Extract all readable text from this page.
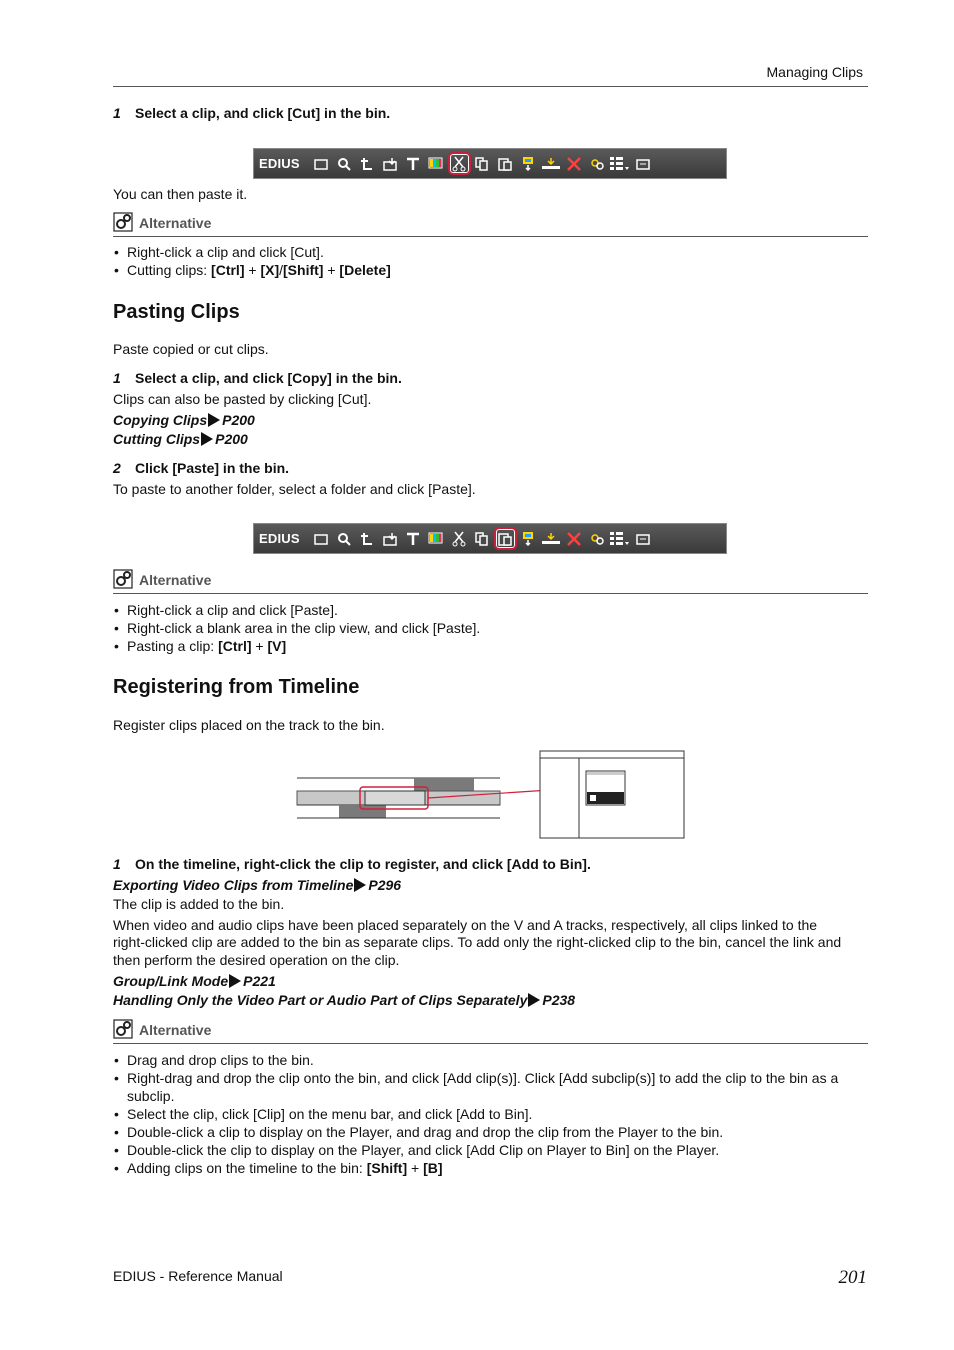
Managing Clips
1 Select a clip, and click [Cut] in the bin.
EDIUS
You can then paste it.
Alternative
• Right-click a clip and click [Cut].
• Cutting clips: [Ctrl] + [X]/[Shift] + [Delete]
Pasting Clips
Paste copied or cut clips.
1 Select a clip, and click [Copy] in the bin.
Clips can also be pasted by clicking [Cut].
Copying Clips P200
Cutting Clips P200
2 Click [Paste] in the bin.
To paste to another folder, select a folder and click [Paste].
EDIUS
Alternative
• Right-click a clip and click [Paste].
• Right-click a blank area in the clip view, and click [Paste].
• Pasting a clip: [Ctrl] + [V]
Registering from Timeline
Register clips placed on the track to the bin.
1 On the timeline, right-click the clip to register, and click [Add to Bin].
Exporting Video Clips from Timeline P296
The clip is added to the bin.
When video and audio clips have been placed separately on the V and A tracks, respectively, all clips linked to the
right-clicked clip are added to the bin as separate clips. To add only the right-clicked clip to the bin, cancel the link and
then perform the desired operation on the clip.
Group/Link Mode P221
Handling Only the Video Part or Audio Part of Clips Separately P238
Alternative
• Drag and drop clips to the bin.
• Right-drag and drop the clip onto the bin, and click [Add clip(s)]. Click [Add subclip(s)] to add the clip to the bin as a subclip.
• Select the clip, click [Clip] on the menu bar, and click [Add to Bin].
• Double-click a clip to display on the Player, and drag and drop the clip from the Player to the bin.
• Double-click the clip to display on the Player, and click [Add Clip on Player to Bin] on the Player.
• Adding clips on the timeline to the bin: [Shift] + [B]
EDIUS - Reference Manual	201
